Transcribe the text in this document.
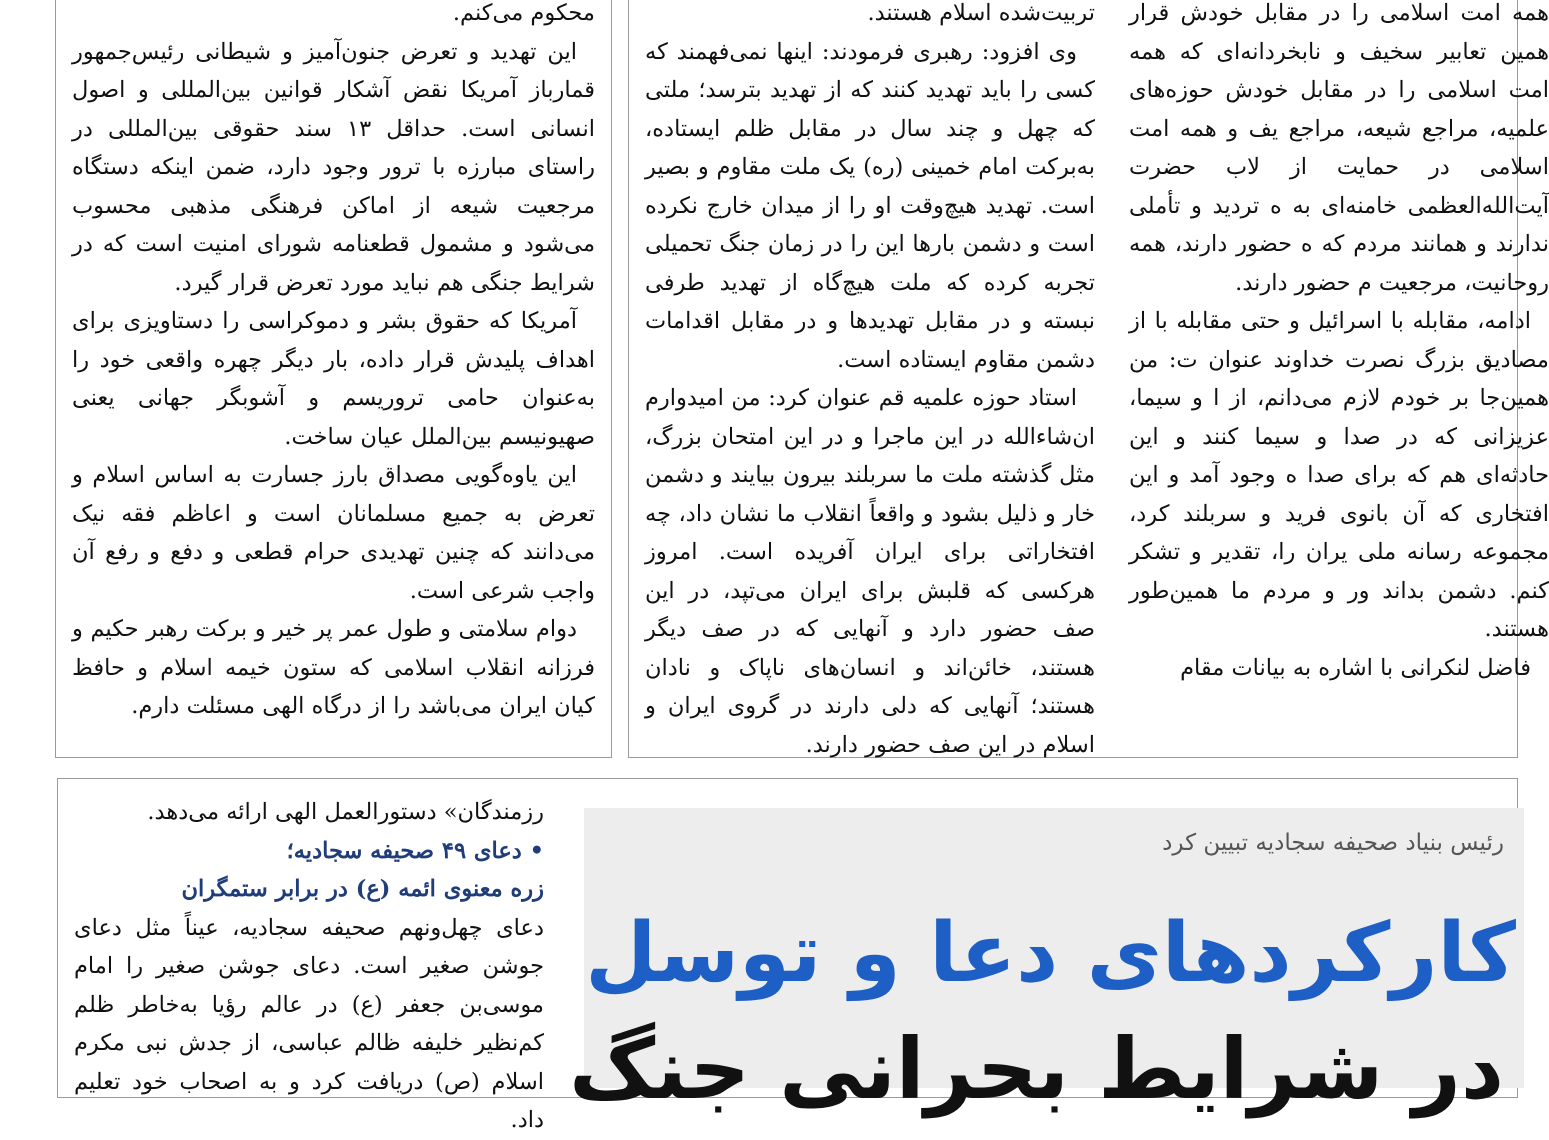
محکوم می‌کنم.

این تهدید و تعرض جنون‌آمیز و شیطانی رئیس‌جمهور قمارباز آمریکا نقض آشکار قوانین بین‌المللی و اصول انسانی است. حداقل ۱۳ سند حقوقی بین‌المللی در راستای مبارزه با ترور وجود دارد، ضمن اینکه دستگاه مرجعیت شیعه از اماکن فرهنگی مذهبی محسوب می‌شود و مشمول قطعنامه شورای امنیت است که در شرایط جنگی هم نباید مورد تعرض قرار گیرد.

آمریکا که حقوق بشر و دموکراسی را دستاویزی برای اهداف پلیدش قرار داده، بار دیگر چهره واقعی خود را به‌عنوان حامی تروریسم و آشوبگر جهانی یعنی صهیونیسم بین‌الملل عیان ساخت.

این یاوه‌گویی مصداق بارز جسارت به اساس اسلام و تعرض به جمیع مسلمانان است و اعاظم فقه نیک می‌دانند که چنین تهدیدی حرام قطعی و دفع و رفع آن واجب شرعی است.

دوام سلامتی و طول عمر پر خیر و برکت رهبر حکیم و فرزانه انقلاب اسلامی که ستون خیمه اسلام و حافظ کیان ایران می‌باشد را از درگاه الهی مسئلت دارم.

تربیت‌شده اسلام هستند.

وی افزود: رهبری فرمودند: اینها نمی‌فهمند که کسی را باید تهدید کنند که از تهدید بترسد؛ ملتی که چهل و چند سال در مقابل ظلم ایستاده، به‌برکت امام خمینی (ره) یک ملت مقاوم و بصیر است. تهدید هیچ‌وقت او را از میدان خارج نکرده است و دشمن بارها این را در زمان جنگ تحمیلی تجربه کرده که ملت هیچ‌گاه از تهدید طرفی نبسته و در مقابل تهدیدها و در مقابل اقدامات دشمن مقاوم ایستاده است.

استاد حوزه علمیه قم عنوان کرد: من امیدوارم ان‌شاءالله در این ماجرا و در این امتحان بزرگ، مثل گذشته ملت ما سربلند بیرون بیایند و دشمن خار و ذلیل بشود و واقعاً انقلاب ما نشان داد، چه افتخاراتی برای ایران آفریده است. امروز هرکسی که قلبش برای ایران می‌تپد، در این صف حضور دارد و آنهایی که در صف دیگر هستند، خائن‌اند و انسان‌های ناپاک و نادان هستند؛ آنهایی که دلی دارند در گروی ایران و اسلام در این صف حضور دارند.

همه امت اسلامی را در مقابل خودش قرار همین تعابیر سخیف و نابخردانه‌ای که همه امت اسلامی را در مقابل خودش حوزه‌های علمیه، مراجع شیعه، مراجع یف و همه امت اسلامی در حمایت از لاب حضرت آیت‌الله‌العظمی خامنه‌ای به ه تردید و تأملی ندارند و همانند مردم که ه حضور دارند، همه روحانیت، مرجعیت م حضور دارند.

ادامه، مقابله با اسرائیل و حتی مقابله با از مصادیق بزرگ نصرت خداوند عنوان ت: من همین‌جا بر خودم لازم می‌دانم، از ا و سیما، عزیزانی که در صدا و سیما کنند و این حادثه‌ای هم که برای صدا ه وجود آمد و این افتخاری که آن بانوی فرید و سربلند کرد، مجموعه رسانه ملی یران را، تقدیر و تشکر کنم. دشمن بداند ور و مردم ما همین‌طور هستند.

فاضل لنکرانی با اشاره به بیانات مقام

رزمندگان» دستورالعمل الهی ارائه می‌دهد.

• دعای ۴۹ صحیفه سجادیه؛

زره معنوی ائمه (ع) در برابر ستمگران

دعای چهل‌ونهم صحیفه سجادیه، عیناً مثل دعای جوشن صغیر است. دعای جوشن صغیر را امام موسی‌بن جعفر (ع) در عالم رؤیا به‌خاطر ظلم کم‌نظیر خلیفه ظالم عباسی، از جدش نبی مکرم اسلام (ص) دریافت کرد و به اصحاب خود تعلیم داد.

رئیس بنیاد صحیفه سجادیه تبیین کرد
کارکردهای دعا و توسل
در شرایط بحرانی جنگ
